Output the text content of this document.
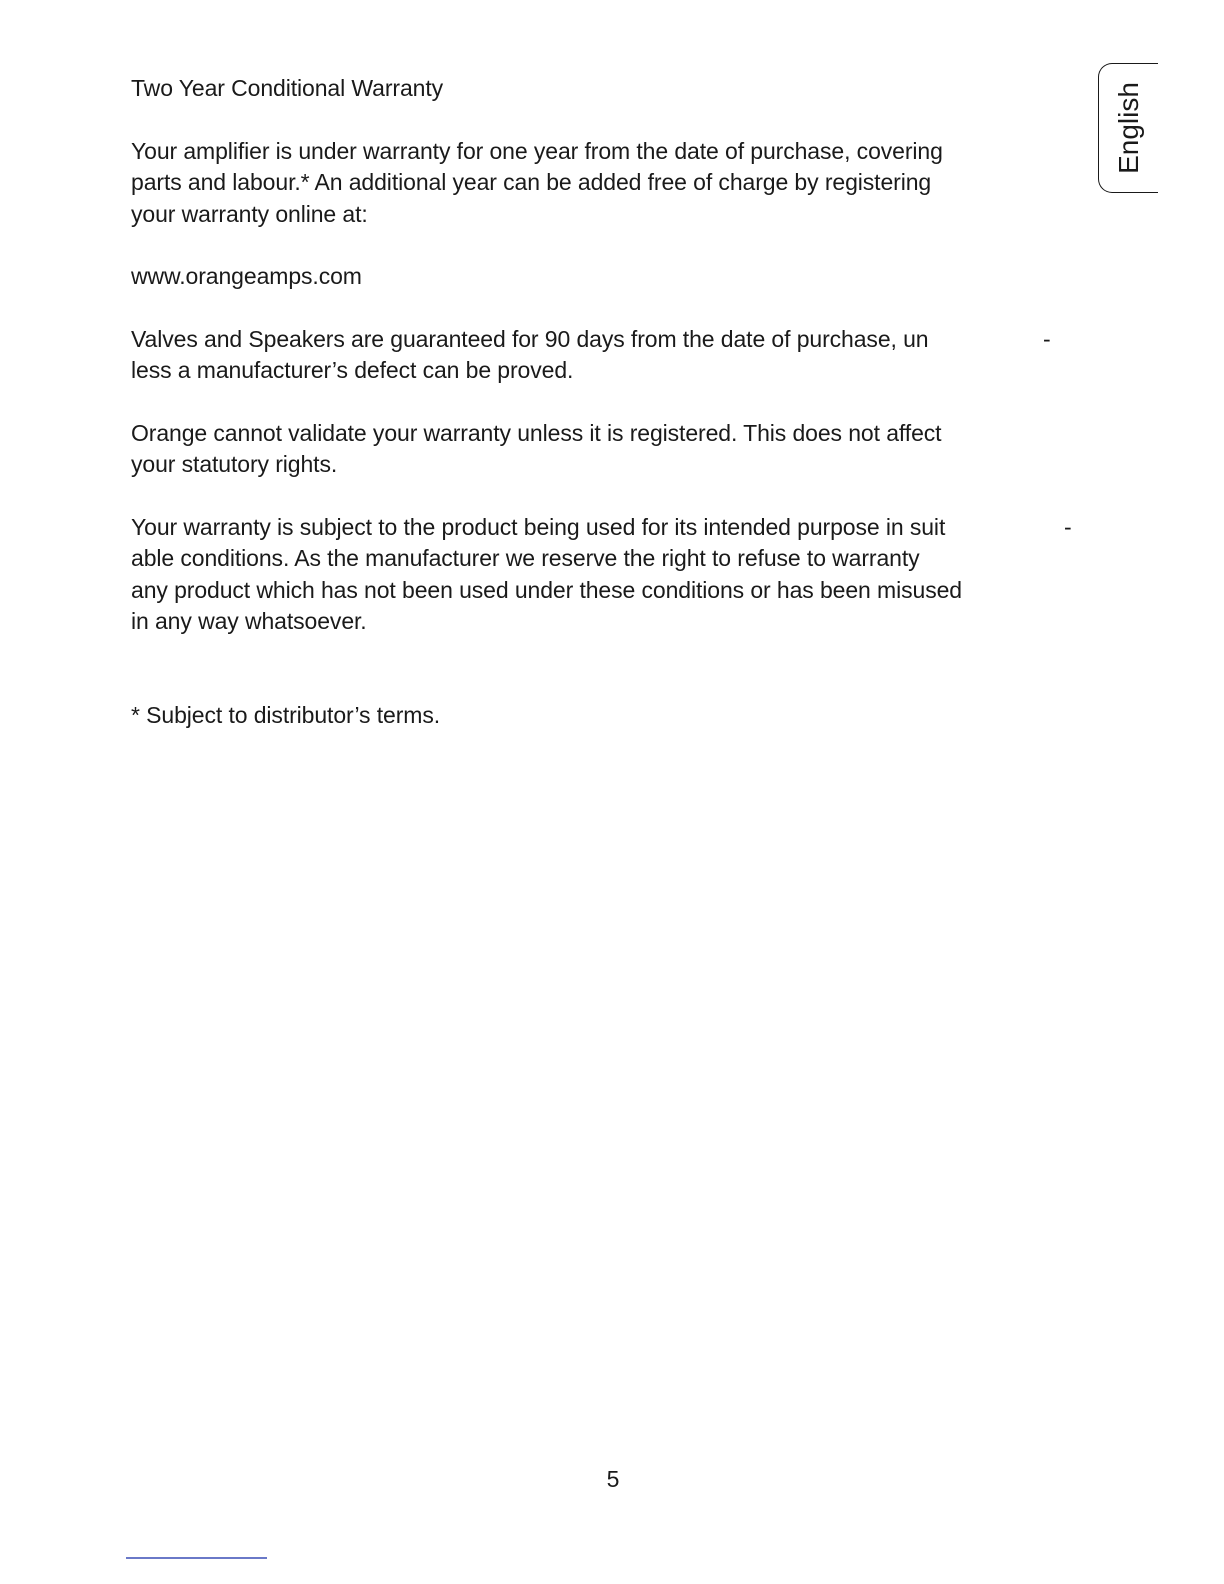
Two Year Conditional Warranty

Your amplifier is under warranty for one year from the date of purchase, covering
parts and labour.* An additional year can be added free of charge by registering
your warranty online at:

www.orangeamps.com

Valves and Speakers are guaranteed for 90 days from the date of purchase, un
less a manufacturer’s defect can be proved.

-

Orange cannot validate your warranty unless it is registered. This does not affect
your statutory rights.

Your warranty is subject to the product being used for its intended purpose in suit
able conditions. As the manufacturer we reserve the right to refuse to warranty
any product which has not been used under these conditions or has been misused
in any way whatsoever.

-

* Subject to distributor’s terms.

English
5
